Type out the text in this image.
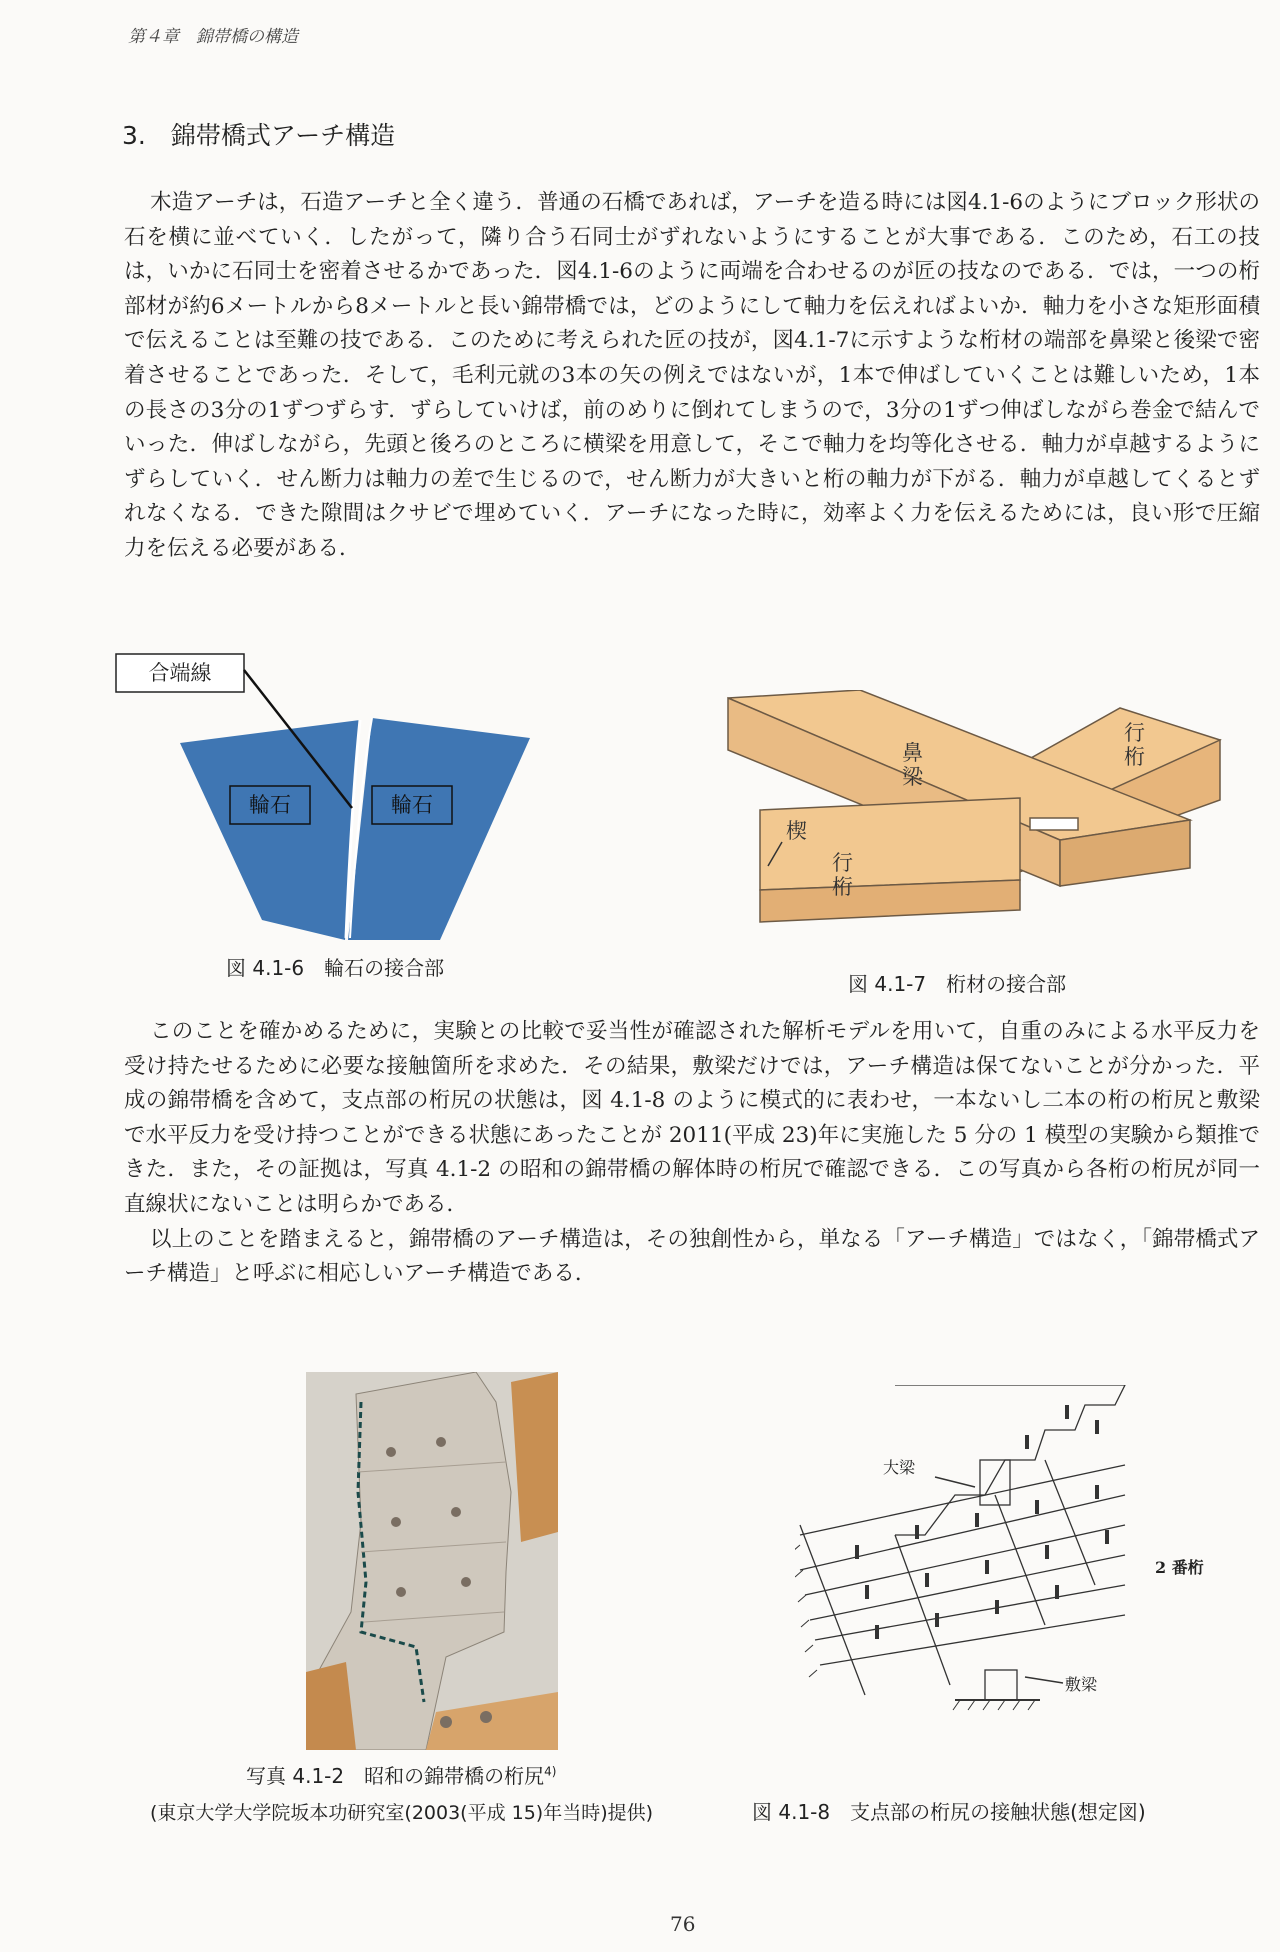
第４章　錦帯橋の構造
3.　錦帯橋式アーチ構造

木造アーチは，石造アーチと全く違う．普通の石橋であれば，アーチを造る時には図4.1-6のようにブロック形状の石を横に並べていく．したがって，隣り合う石同士がずれないようにすることが大事である．このため，石工の技は，いかに石同士を密着させるかであった．図4.1-6のように両端を合わせるのが匠の技なのである．では，一つの桁部材が約6メートルから8メートルと長い錦帯橋では，どのようにして軸力を伝えればよいか．軸力を小さな矩形面積で伝えることは至難の技である．このために考えられた匠の技が，図4.1-7に示すような桁材の端部を鼻梁と後梁で密着させることであった．そして，毛利元就の3本の矢の例えではないが，1本で伸ばしていくことは難しいため，1本の長さの3分の1ずつずらす．ずらしていけば，前のめりに倒れてしまうので，3分の1ずつ伸ばしながら巻金で結んでいった．伸ばしながら，先頭と後ろのところに横梁を用意して，そこで軸力を均等化させる．軸力が卓越するようにずらしていく．せん断力は軸力の差で生じるので，せん断力が大きいと桁の軸力が下がる．軸力が卓越してくるとずれなくなる．できた隙間はクサビで埋めていく．アーチになった時に，効率よく力を伝えるためには，良い形で圧縮力を伝える必要がある．

合端線
輪石	輪石
図 4.1-6　輪石の接合部
鼻梁
行桁
楔
行桁
図 4.1-7　桁材の接合部

このことを確かめるために，実験との比較で妥当性が確認された解析モデルを用いて，自重のみによる水平反力を受け持たせるために必要な接触箇所を求めた．その結果，敷梁だけでは，アーチ構造は保てないことが分かった．平成の錦帯橋を含めて，支点部の桁尻の状態は，図 4.1-8 のように模式的に表わせ，一本ないし二本の桁の桁尻と敷梁で水平反力を受け持つことができる状態にあったことが 2011(平成 23)年に実施した 5 分の 1 模型の実験から類推できた．また，その証拠は，写真 4.1-2 の昭和の錦帯橋の解体時の桁尻で確認できる．この写真から各桁の桁尻が同一直線状にないことは明らかである．

以上のことを踏まえると，錦帯橋のアーチ構造は，その独創性から，単なる「アーチ構造」ではなく，「錦帯橋式アーチ構造」と呼ぶに相応しいアーチ構造である．

写真 4.1-2　昭和の錦帯橋の桁尻$^{4)}$
(東京大学大学院坂本功研究室(2003(平成 15)年当時)提供)
大梁
2 番桁
敷梁
図 4.1-8　支点部の桁尻の接触状態(想定図)
76
